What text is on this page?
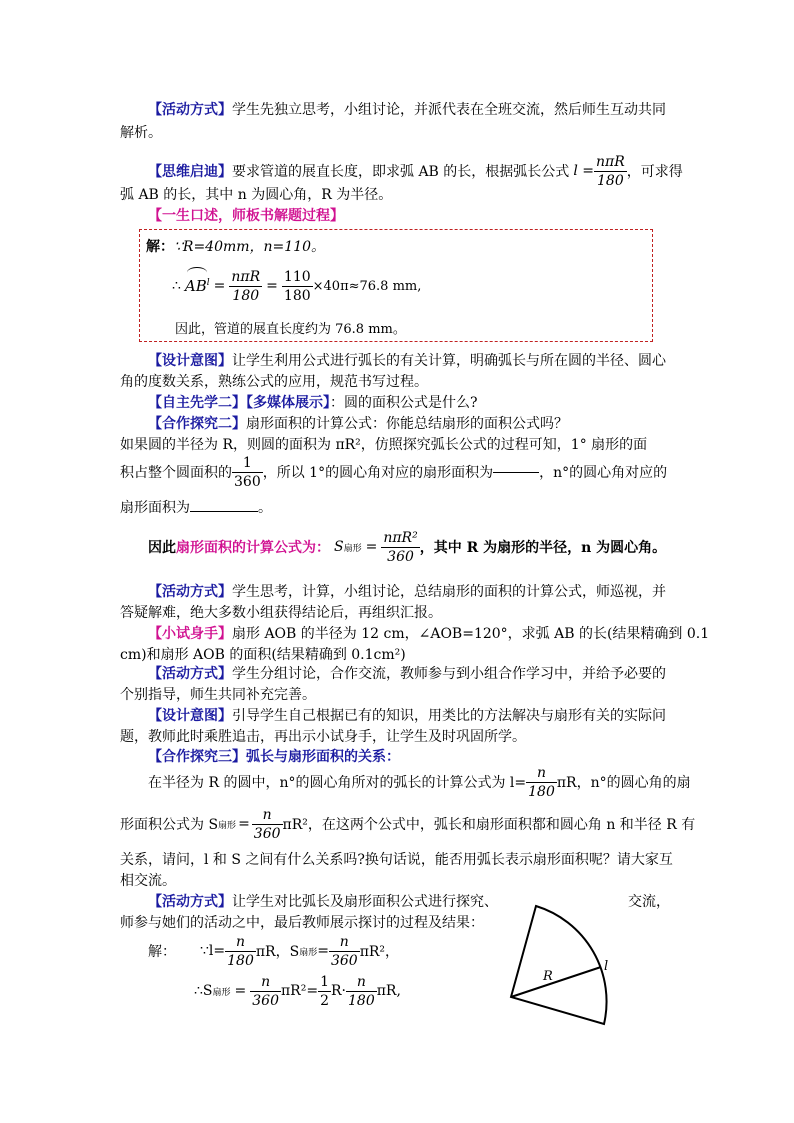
【活动方式】学生先独立思考，小组讨论，并派代表在全班交流，然后师生互动共同
解析。
【思维启迪】 要求管道的展直长度，即求弧 AB 的长，根据弧长公式 $l = \frac{\text{nπR}}{180}$ ，可求得
弧 AB 的长，其中 n 为圆心角，R 为半径。
【一生口述，师板书解题过程】
解：∵R=40mm，n=110。
∴ $AB^l = \frac{\text{nπR}}{180} = \frac{110}{180} \times 40\pi\approx 76.8$ mm,
因此，管道的展直长度约为 76.8 mm。
【设计意图】让学生利用公式进行弧长的有关计算，明确弧长与所在圆的半径、圆心
角的度数关系，熟练公式的应用，规范书写过程。
【自主先学二】【多媒体展示】：圆的面积公式是什么?
【合作探究二】扇形面积的计算公式：你能总结扇形的面积公式吗？
如果圆的半径为 R，则圆的面积为 πR²，仿照探究弧长公式的过程可知，1° 扇形的面
积占整个圆面积的 $\frac{1}{360}$ ，所以 1°的圆心角对应的扇形面积为	，n°的圆心角对应的
扇形面积为	。
因此 扇形面积的计算公式为： S 扇形 = $\frac{\text{nπR²}}{360}$ ，其中 R 为扇形的半径，n 为圆心角。
【活动方式】学生思考，计算，小组讨论，总结扇形的面积的计算公式，师巡视，并
答疑解难，绝大多数小组获得结论后，再组织汇报。
【小试身手】扇形 AOB 的半径为 12 cm，∠AOB=120°，求弧 AB 的长(结果精确到 0.1
cm)和扇形 AOB 的面积(结果精确到 0.1cm²)
【活动方式】学生分组讨论，合作交流，教师参与到小组合作学习中，并给予必要的
个别指导，师生共同补充完善。
【设计意图】引导学生自己根据已有的知识，用类比的方法解决与扇形有关的实际问
题，教师此时乘胜追击，再出示小试身手，让学生及时巩固所学。
【合作探究三】弧长与扇形面积的关系：
在半径为 R 的圆中，n°的圆心角所对的弧长的计算公式为 $l= \frac{n}{180}$ πR，n°的圆心角的扇
形面积公式为 S 扇形 = $\frac{n}{360} \pi R^2$，在这两个公式中，弧长和扇形面积都和圆心角 n 和半径 R 有
关系，请问，l 和 S 之间有什么关系吗?换句话说，能否用弧长表示扇形面积呢？请大家互
相交流。
【活动方式】让学生对比弧长及扇形面积公式进行探究、	交流，
师参与她们的活动之中，最后教师展示探讨的过程及结果：
解： ∵l= $\frac{n}{180}$ πR，S 扇形 = $\frac{n}{360} \pi R^2$，
∴S 扇形 = $\frac{n}{360} \pi R^2= \frac{1}{2} R\cdot \frac{n}{180} \pi R$,
R
l
